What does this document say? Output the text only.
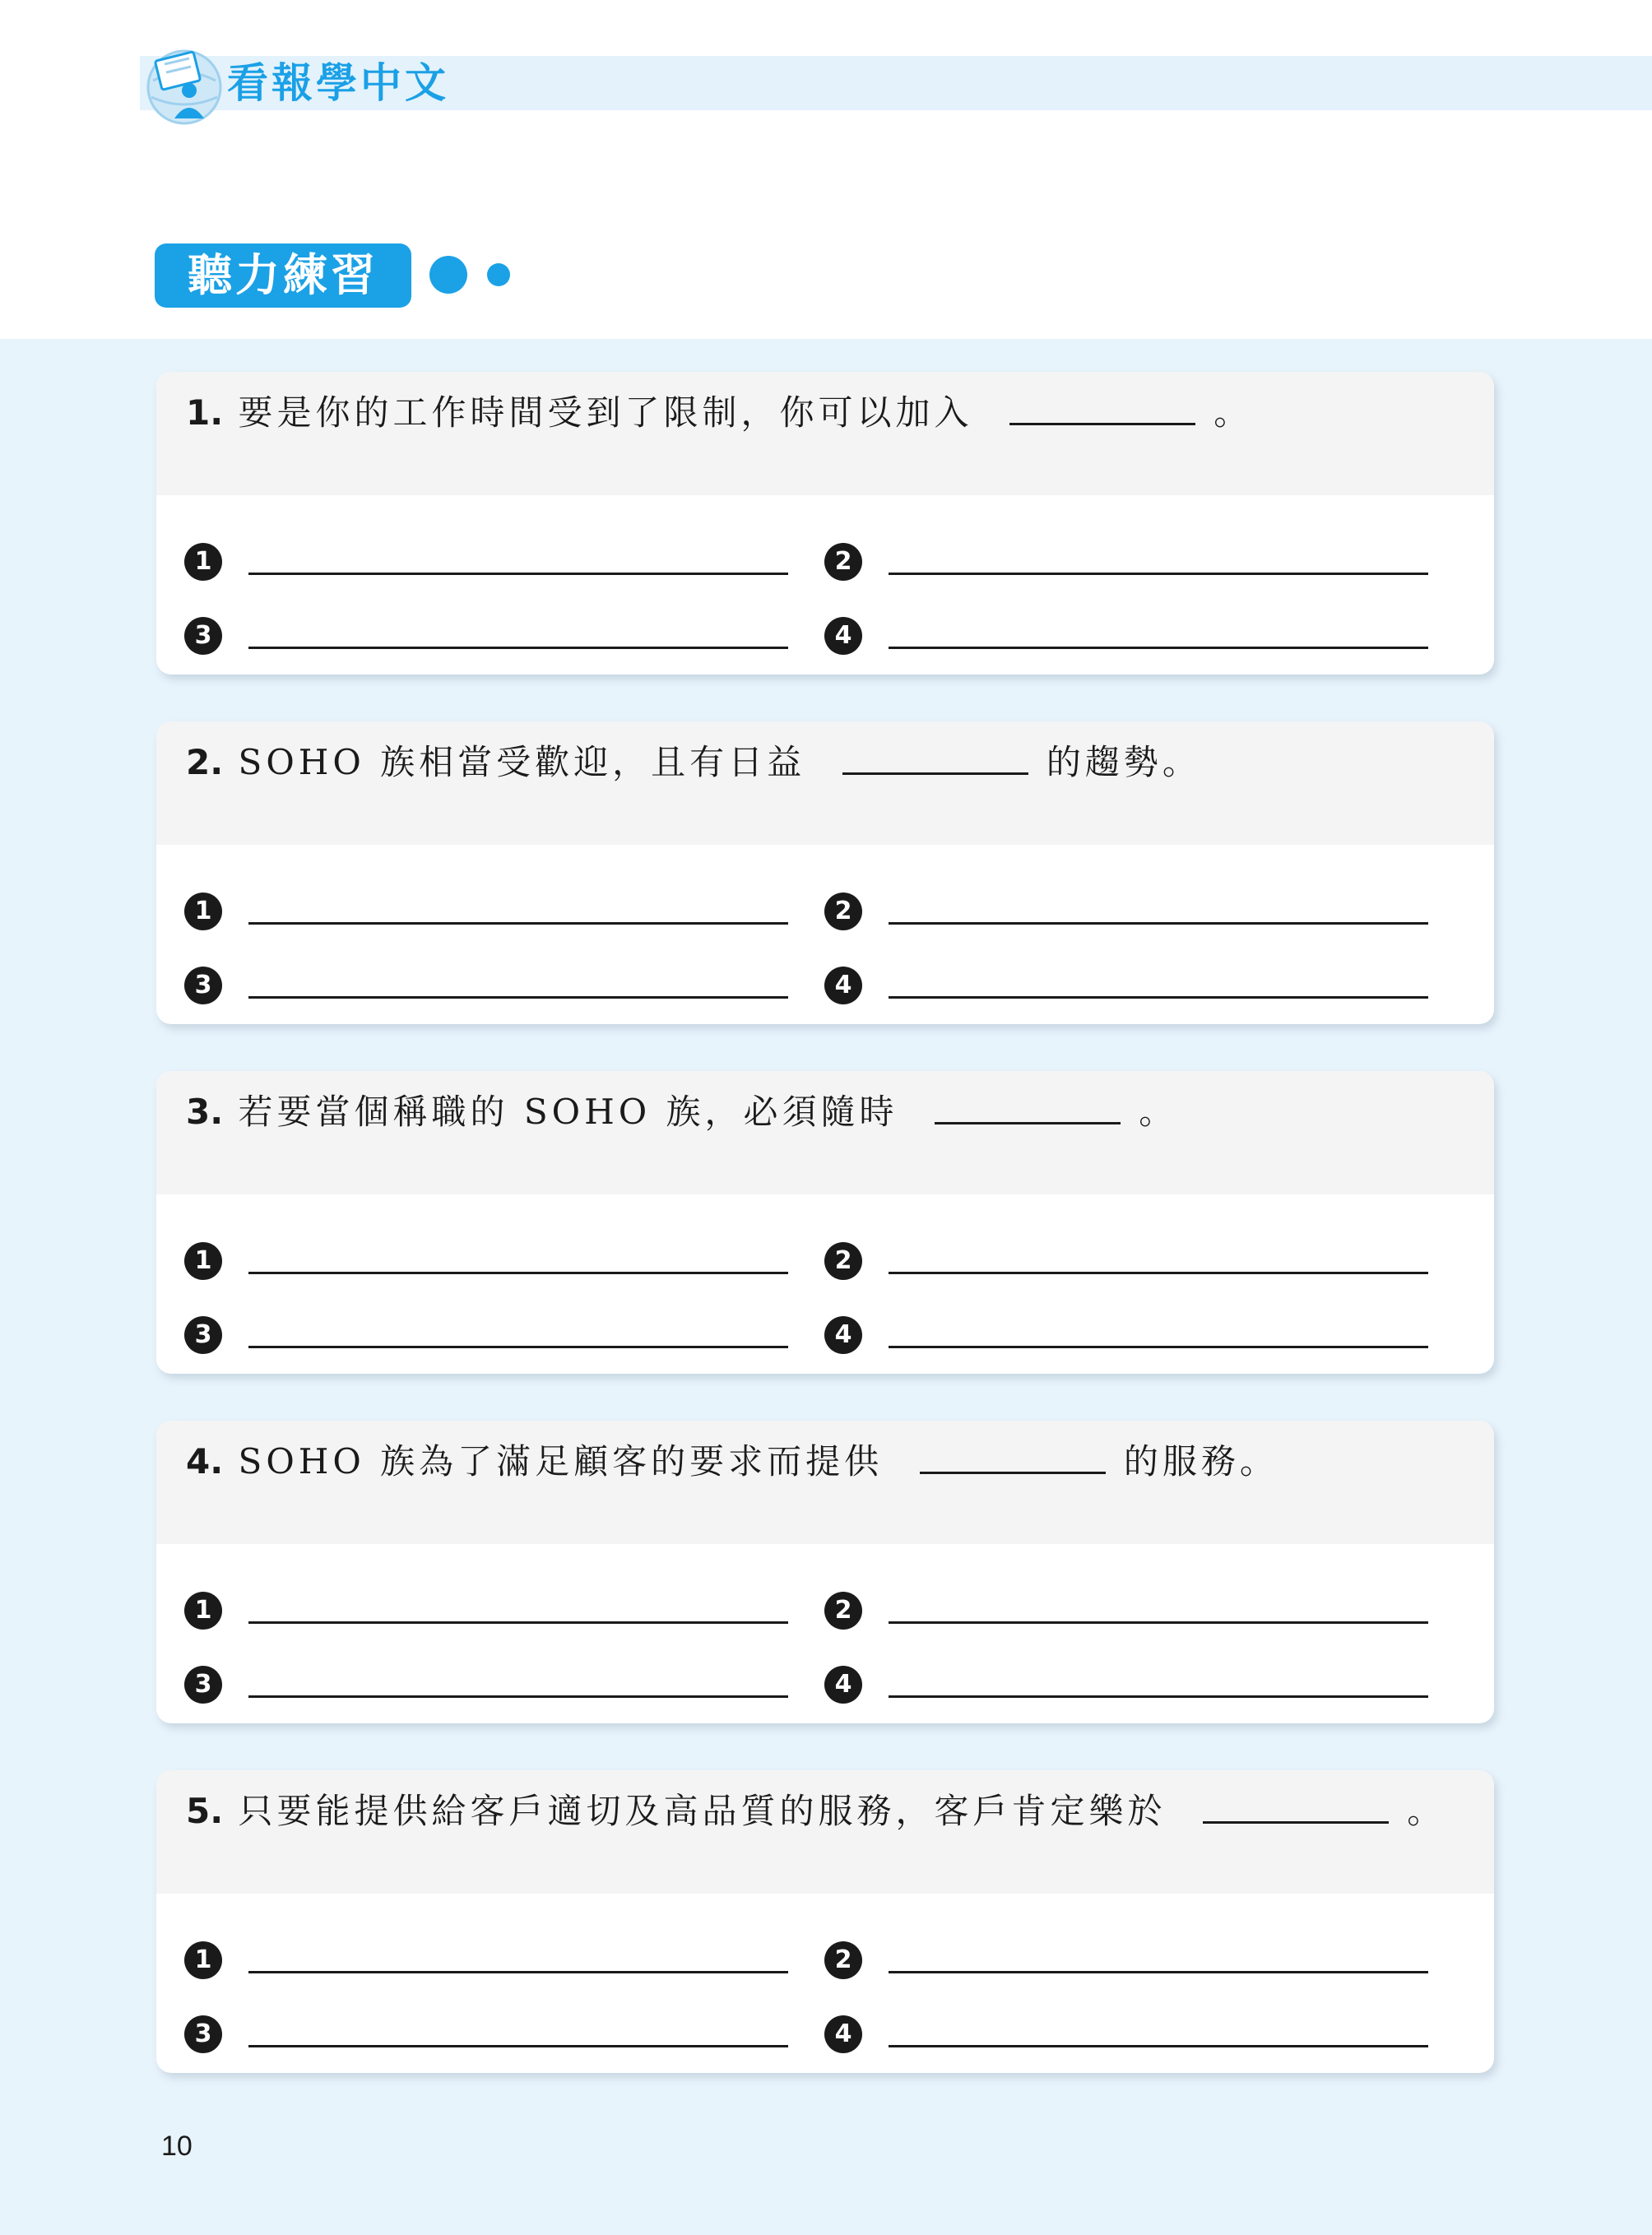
看報學中文
聽力練習
1. 要是你的工作時間受到了限制，你可以加入	。
1	2
3	4
2. SOHO 族相當受歡迎，且有日益	的趨勢。
1	2
3	4
3. 若要當個稱職的 SOHO 族，必須隨時	。
1	2
3	4
4. SOHO 族為了滿足顧客的要求而提供	的服務。
1	2
3	4
5. 只要能提供給客戶適切及高品質的服務，客戶肯定樂於	。
1	2
3	4
10
